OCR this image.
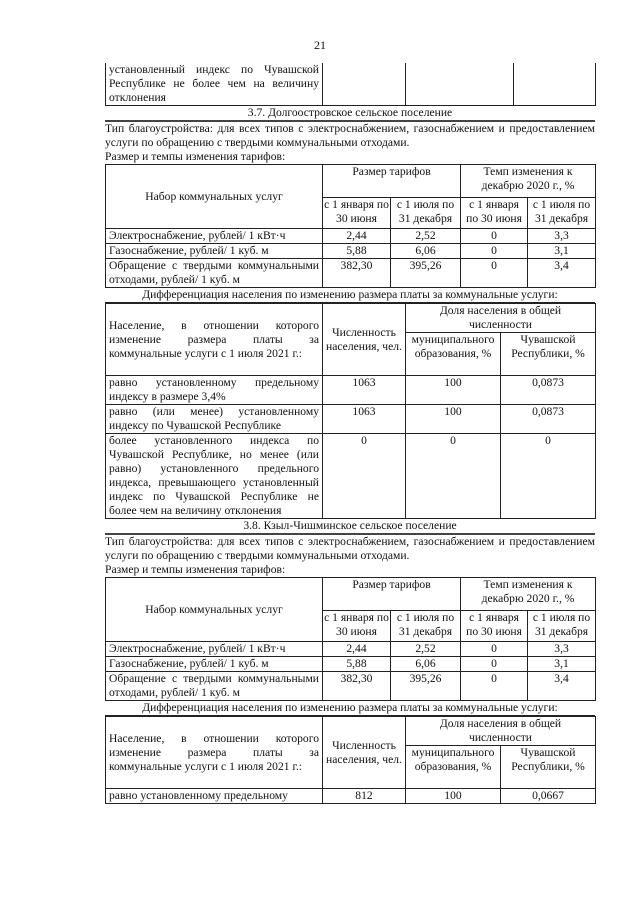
21
установленный индекс по Чувашской Республике не более чем на величину отклонения			
3.7. Долгоостровское сельское поселение
Тип благоустройства: для всех типов с электроснабжением, газоснабжением и предоставлением услуги по обращению с твердыми коммунальными отходами.
Размер и темпы изменения тарифов:
Набор коммунальных услуг	Размер тарифов		Темп изменения к декабрю 2020 г., %	
	с 1 января по 30 июня	с 1 июля по 31 декабря	с 1 января по 30 июня	с 1 июля по 31 декабря
Электроснабжение, рублей/ 1 кВт·ч	2,44	2,52	0	3,3
Газоснабжение, рублей/ 1 куб. м	5,88	6,06	0	3,1
Обращение с твердыми коммунальными отходами, рублей/ 1 куб. м	382,30	395,26	0	3,4
Дифференциация населения по изменению размера платы за коммунальные услуги:
Население, в отношении которого изменение размера платы за коммунальные услуги с 1 июля 2021 г.:	Численность населения, чел.	Доля населения в общей численности	
		муниципального образования, %	Чувашской Республики, %
равно установленному предельному индексу в размере 3,4%	1063	100	0,0873
равно (или менее) установленному индексу по Чувашской Республике	1063	100	0,0873
более установленного индекса по Чувашской Республике, но менее (или равно) установленного предельного индекса, превышающего установленный индекс по Чувашской Республике не более чем на величину отклонения	0	0	0
3.8. Кзыл-Чишминское сельское поселение
Тип благоустройства: для всех типов с электроснабжением, газоснабжением и предоставлением услуги по обращению с твердыми коммунальными отходами.
Размер и темпы изменения тарифов:
Набор коммунальных услуг	Размер тарифов		Темп изменения к декабрю 2020 г., %	
	с 1 января по 30 июня	с 1 июля по 31 декабря	с 1 января по 30 июня	с 1 июля по 31 декабря
Электроснабжение, рублей/ 1 кВт·ч	2,44	2,52	0	3,3
Газоснабжение, рублей/ 1 куб. м	5,88	6,06	0	3,1
Обращение с твердыми коммунальными отходами, рублей/ 1 куб. м	382,30	395,26	0	3,4
Дифференциация населения по изменению размера платы за коммунальные услуги:
Население, в отношении которого изменение размера платы за коммунальные услуги с 1 июля 2021 г.:	Численность населения, чел.	Доля населения в общей численности	
		муниципального образования, %	Чувашской Республики, %
равно установленному предельному	812	100	0,0667
